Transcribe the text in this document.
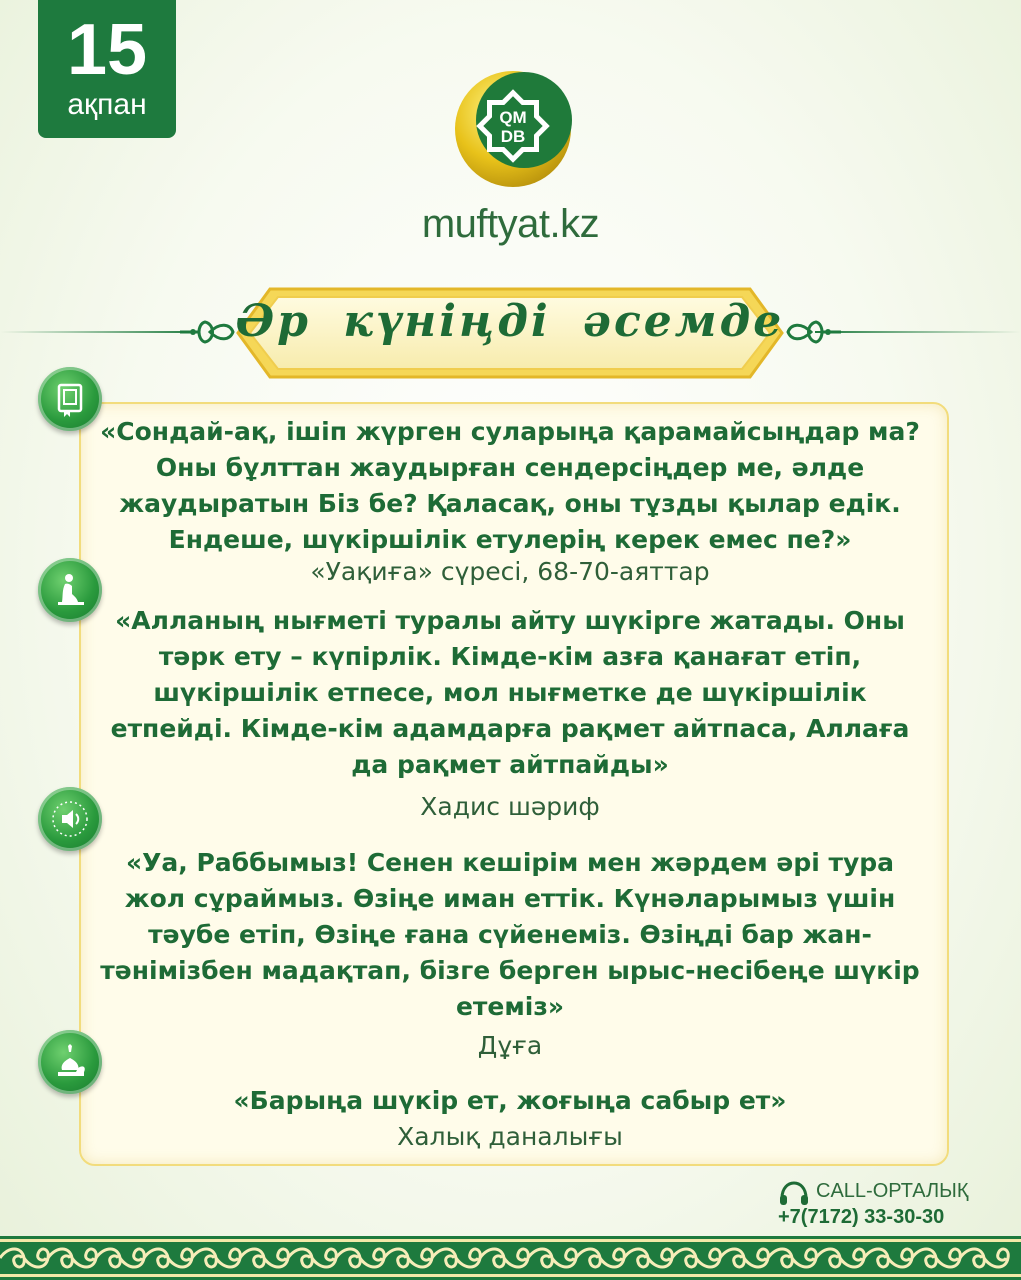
15
ақпан	QM
DB
muftyat.kz
Әр күніңді әсемде
«Сондай-ақ, ішіп жүрген суларыңа қарамайсыңдар ма? Оны бұлттан жаудырған сендерсіңдер ме, әлде жаудыратын Біз бе? Қаласақ, оны тұзды қылар едік. Ендеше, шүкіршілік етулерің керек емес пе?»
«Уақиға» сүресі, 68-70-аяттар
«Алланың нығметі туралы айту шүкірге жатады. Оны тәрк ету – күпірлік. Кімде-кім азға қанағат етіп, шүкіршілік етпесе, мол нығметке де шүкіршілік етпейді. Кімде-кім адамдарға рақмет айтпаса, Аллаға да рақмет айтпайды»
Хадис шәриф
«Уа, Раббымыз! Сенен кешірім мен жәрдем әрі тура жол сұраймыз. Өзіңе иман еттік. Күнәларымыз үшін тәубе етіп, Өзіңе ғана сүйенеміз. Өзіңді бар жан-тәнімізбен мадақтап, бізге берген ырыс-несібеңе шүкір етеміз»
Дұға
«Барыңа шүкір ет, жоғыңа сабыр ет»
Халық даналығы
CALL-ОРТАЛЫҚ
+7(7172) 33-30-30
